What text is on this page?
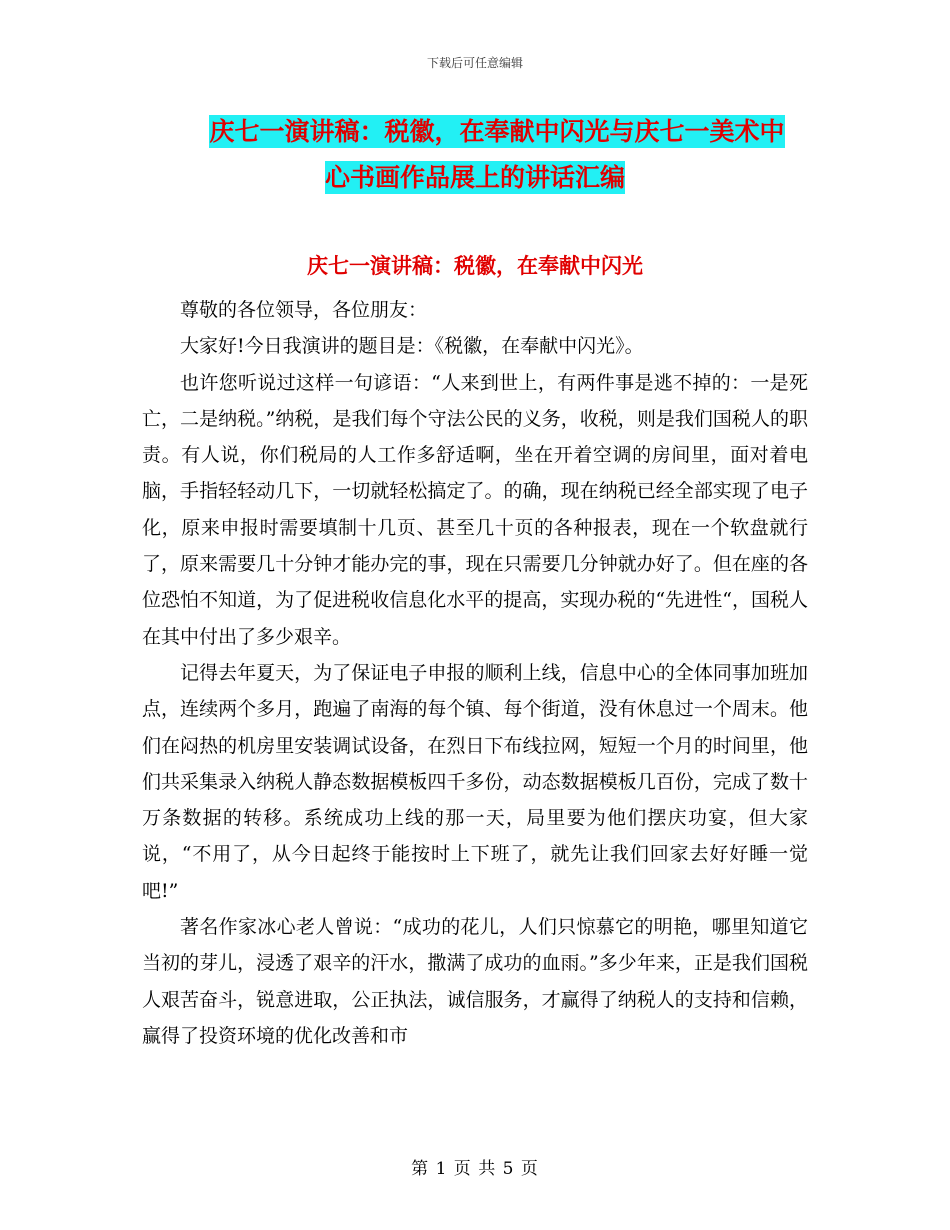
下载后可任意编辑
庆七一演讲稿：税徽，在奉献中闪光与庆七一美术中
心书画作品展上的讲话汇编
庆七一演讲稿：税徽，在奉献中闪光

尊敬的各位领导，各位朋友：

大家好!今日我演讲的题目是：《税徽，在奉献中闪光》。

也许您听说过这样一句谚语：“人来到世上，有两件事是逃不掉的：一是死亡，二是纳税。”纳税，是我们每个守法公民的义务，收税，则是我们国税人的职责。有人说，你们税局的人工作多舒适啊，坐在开着空调的房间里，面对着电脑，手指轻轻动几下，一切就轻松搞定了。的确，现在纳税已经全部实现了电子化，原来申报时需要填制十几页、甚至几十页的各种报表，现在一个软盘就行了，原来需要几十分钟才能办完的事，现在只需要几分钟就办好了。但在座的各位恐怕不知道，为了促进税收信息化水平的提高，实现办税的“先进性“，国税人在其中付出了多少艰辛。

记得去年夏天，为了保证电子申报的顺利上线，信息中心的全体同事加班加点，连续两个多月，跑遍了南海的每个镇、每个街道，没有休息过一个周末。他们在闷热的机房里安装调试设备，在烈日下布线拉网，短短一个月的时间里，他们共采集录入纳税人静态数据模板四千多份，动态数据模板几百份，完成了数十万条数据的转移。系统成功上线的那一天，局里要为他们摆庆功宴，但大家说，“不用了，从今日起终于能按时上下班了，就先让我们回家去好好睡一觉吧!”

著名作家冰心老人曾说：“成功的花儿，人们只惊慕它的明艳，哪里知道它当初的芽儿，浸透了艰辛的汗水，撒满了成功的血雨。”多少年来，正是我们国税人艰苦奋斗，锐意进取，公正执法，诚信服务，才赢得了纳税人的支持和信赖，赢得了投资环境的优化改善和市

第 1 页 共 5 页
